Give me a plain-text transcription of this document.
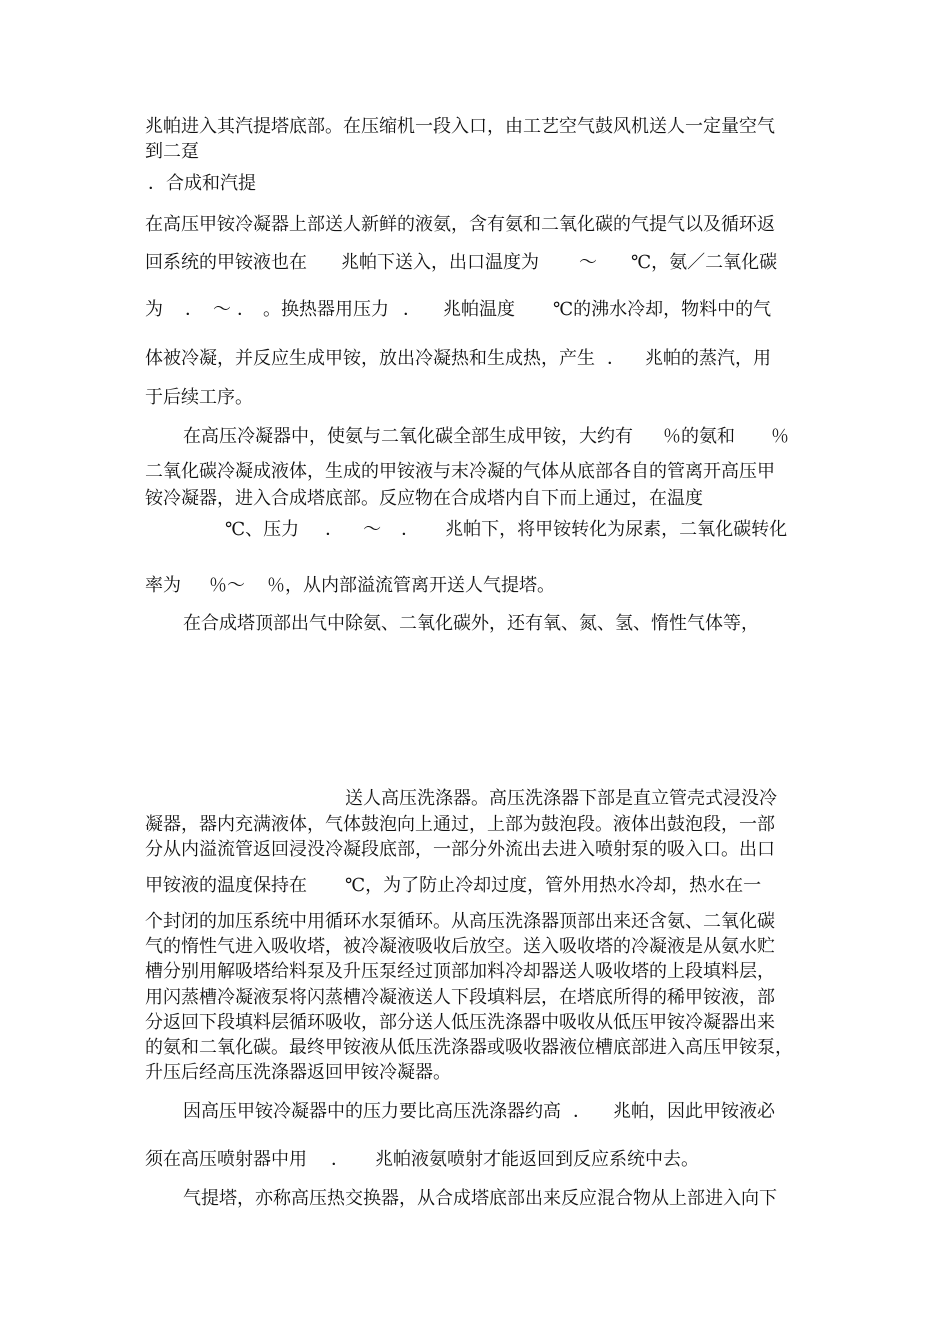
兆帕进入其汽提塔底部。在压缩机一段入口，由工艺空气鼓风机送人一定量空气
到二趸
．合成和汽提
在高压甲铵冷凝器上部送人新鲜的液氨，含有氨和二氧化碳的气提气以及循环返
回系统的甲铵液也在 兆帕下送入，出口温度为 ～ ℃，氨／二氧化碳
为 ． ～ ． 。换热器用压力 ． 兆帕温度 ℃的沸水冷却，物料中的气
体被冷凝，并反应生成甲铵，放出冷凝热和生成热，产生 ． 兆帕的蒸汽，用
于后续工序。
在高压冷凝器中，使氨与二氧化碳全部生成甲铵，大约有 ％的氨和 ％
二氧化碳冷凝成液体，生成的甲铵液与末冷凝的气体从底部各自的管离开高压甲
铵冷凝器，进入合成塔底部。反应物在合成塔内自下而上通过，在温度
℃、压力 ． ～ ． 兆帕下，将甲铵转化为尿素，二氧化碳转化
率为 ％～ ％，从内部溢流管离开送人气提塔。
在合成塔顶部出气中除氨、二氧化碳外，还有氧、氮、氢、惰性气体等，
送人高压洗涤器。高压洗涤器下部是直立管壳式浸没冷
凝器，器内充满液体，气体鼓泡向上通过，上部为鼓泡段。液体出鼓泡段，一部
分从内溢流管返回浸没冷凝段底部，一部分外流出去进入喷射泵的吸入口。出口
甲铵液的温度保持在 ℃，为了防止冷却过度，管外用热水冷却，热水在一
个封闭的加压系统中用循环水泵循环。从高压洗涤器顶部出来还含氨、二氧化碳
气的惰性气进入吸收塔，被冷凝液吸收后放空。送入吸收塔的冷凝液是从氨水贮
槽分别用解吸塔给料泵及升压泵经过顶部加料冷却器送人吸收塔的上段填料层，
用闪蒸槽冷凝液泵将闪蒸槽冷凝液送人下段填料层，在塔底所得的稀甲铵液，部
分返回下段填料层循环吸收，部分送人低压洗涤器中吸收从低压甲铵冷凝器出来
的氨和二氧化碳。最终甲铵液从低压洗涤器或吸收器液位槽底部进入高压甲铵泵，
升压后经高压洗涤器返回甲铵冷凝器。
因高压甲铵冷凝器中的压力要比高压洗涤器约高 ． 兆帕，因此甲铵液必
须在高压喷射器中用 ． 兆帕液氨喷射才能返回到反应系统中去。
气提塔，亦称高压热交换器，从合成塔底部出来反应混合物从上部进入向下
